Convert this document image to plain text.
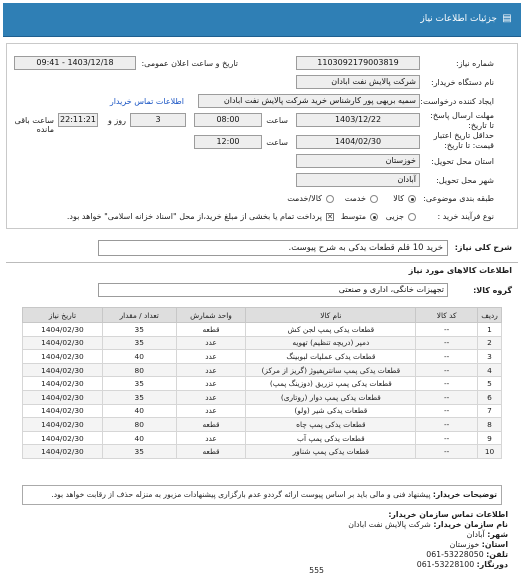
▤
جزئیات اطلاعات نیاز
شماره نیاز:
1103092179003819
تاریخ و ساعت اعلان عمومی:
1403/12/18 - 09:41
نام دستگاه خریدار:
شرکت پالایش نفت ابادان
ایجاد کننده درخواست:
سمیه بریهی پور کارشناس خرید شرکت پالایش نفت ابادان
اطلاعات تماس خریدار
مهلت ارسال پاسخ: تا تاریخ:
1403/12/22
ساعت
08:00
3
روز و
22:11:21
ساعت باقی مانده
حداقل تاریخ اعتبار قیمت: تا تاریخ:
1404/02/30
ساعت
12:00
استان محل تحویل:
خوزستان
شهر محل تحویل:
آبادان
طبقه بندی موضوعی:
کالا
خدمت
کالا/خدمت
نوع فرآیند خرید :
جزیی
متوسط
✕
پرداخت تمام یا بخشی از مبلغ خرید،از محل "اسناد خزانه اسلامی" خواهد بود.
شرح کلی نیاز:
خرید 10 قلم قطعات یدکی به شرح پیوست.
اطلاعات کالاهای مورد نیاز
گروه کالا:
تجهیزات خانگی، اداری و صنعتی
ردیف	کد کالا	نام کالا	واحد شمارش	تعداد / مقدار	تاریخ نیاز
1	--	قطعات یدکی پمپ لجن کش	قطعه	35	1404/02/30
2	--	دمپر (دریچه تنظیم) تهویه	عدد	35	1404/02/30
3	--	قطعات یدکی عملیات لبوبینگ	عدد	40	1404/02/30
4	--	قطعات یدکی پمپ سانتریفیوژ (گریز از مرکز)	عدد	80	1404/02/30
5	--	قطعات یدکی پمپ تزریق (دوزینگ پمپ)	عدد	35	1404/02/30
6	--	قطعات یدکی پمپ دوار (روتاری)	عدد	35	1404/02/30
7	--	قطعات یدکی شیر (ولو)	عدد	40	1404/02/30
8	--	قطعات یدکی پمپ چاه	قطعه	80	1404/02/30
9	--	قطعات یدکی پمپ آب	عدد	40	1404/02/30
10	--	قطعات یدکی پمپ شناور	قطعه	35	1404/02/30
توضیحات خریدار: پیشنهاد فنی و مالی باید بر اساس پیوست ارائه گرددو عدم بارگزاری پیشنهادات مزبور به منزله حذف از رقابت خواهد بود.
اطلاعات تماس سازمان خریدار:
نام سازمان خریدار: شرکت پالایش نفت ابادان
شهر: آبادان
استان: خوزستان
تلفن: 53228050-061
دورنگار: 53228100-061
555
